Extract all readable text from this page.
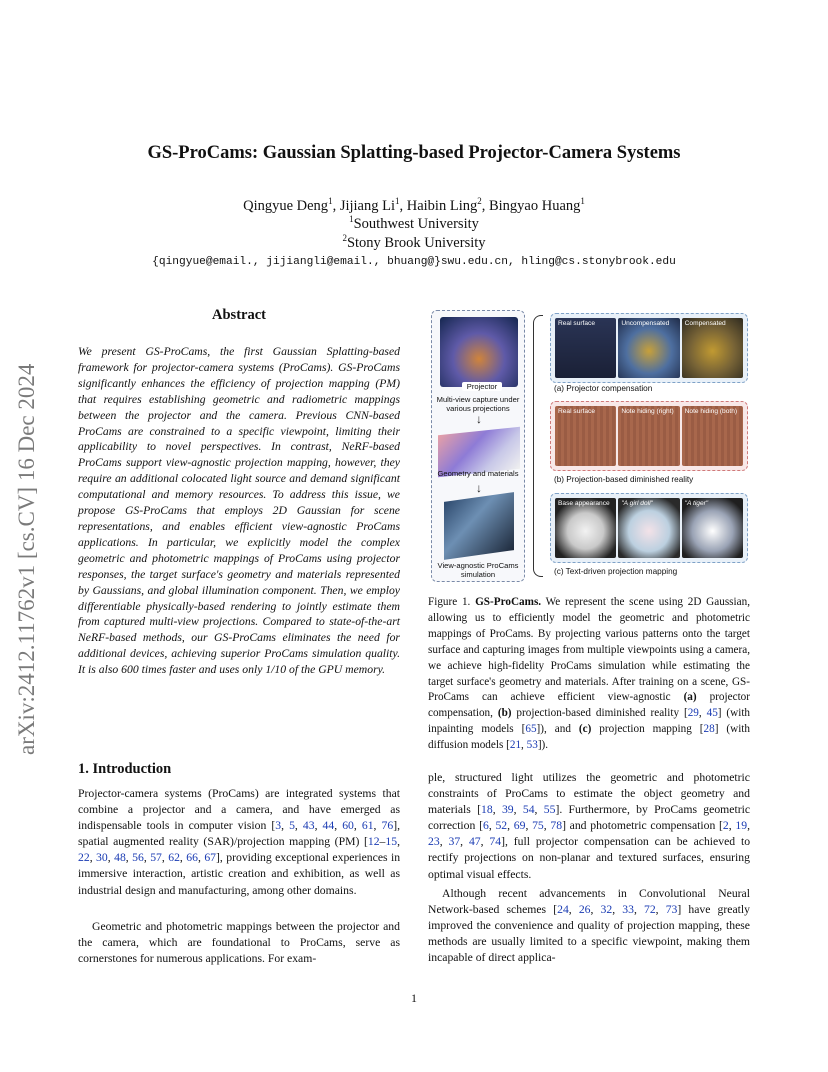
arXiv:2412.11762v1 [cs.CV] 16 Dec 2024
GS-ProCams: Gaussian Splatting-based Projector-Camera Systems
Qingyue Deng$^1$, Jijiang Li$^1$, Haibin Ling$^2$, Bingyao Huang$^1$
$^1$Southwest University
$^2$Stony Brook University
{qingyue@email., jijiangli@email., bhuang@}swu.edu.cn, hling@cs.stonybrook.edu
Abstract
We present GS-ProCams, the first Gaussian Splatting-based framework for projector-camera systems (ProCams). GS-ProCams significantly enhances the efficiency of projection mapping (PM) that requires establishing geometric and radiometric mappings between the projector and the camera. Previous CNN-based ProCams are constrained to a specific viewpoint, limiting their applicability to novel perspectives. In contrast, NeRF-based ProCams support view-agnostic projection mapping, however, they require an additional colocated light source and demand significant computational and memory resources. To address this issue, we propose GS-ProCams that employs 2D Gaussian for scene representations, and enables efficient view-agnostic ProCams applications. In particular, we explicitly model the complex geometric and photometric mappings of ProCams using projector responses, the target surface's geometry and materials represented by Gaussians, and global illumination component. Then, we employ differentiable physically-based rendering to jointly estimate them from captured multi-view projections. Compared to state-of-the-art NeRF-based methods, our GS-ProCams eliminates the need for additional devices, achieving superior ProCams simulation quality. It is also 600 times faster and uses only 1/10 of the GPU memory.
1. Introduction
Projector-camera systems (ProCams) are integrated systems that combine a projector and a camera, and have emerged as indispensable tools in computer vision [3, 5, 43, 44, 60, 61, 76], spatial augmented reality (SAR)/projection mapping (PM) [12–15, 22, 30, 48, 56, 57, 62, 66, 67], providing exceptional experiences in immersive interaction, artistic creation and exhibition, as well as industrial design and manufacturing, among other domains.
Geometric and photometric mappings between the projector and the camera, which are foundational to ProCams, serve as cornerstones for numerous applications. For exam-
ple, structured light utilizes the geometric and photometric constraints of ProCams to estimate the object geometry and materials [18, 39, 54, 55]. Furthermore, by ProCams geometric correction [6, 52, 69, 75, 78] and photometric compensation [2, 19, 23, 37, 47, 74], full projector compensation can be achieved to rectify projections on non-planar and textured surfaces, ensuring optimal visual effects.
Although recent advancements in Convolutional Neural Network-based schemes [24, 26, 32, 33, 72, 73] have greatly improved the convenience and quality of projection mapping, these methods are usually limited to a specific viewpoint, making them incapable of direct applica-
Projector
Multi-view capture under various projections
↓
Geometry and materials
↓
View-agnostic ProCams simulation
Real surface	Uncompensated Compensated
(a) Projector compensation
Real surface	Note hiding (right) Note hiding (both)
(b) Projection-based diminished reality
Base appearance "A girl doll"	"A tiger"
(c) Text-driven projection mapping
Figure 1. GS-ProCams. We represent the scene using 2D Gaussian, allowing us to efficiently model the geometric and photometric mappings of ProCams. By projecting various patterns onto the target surface and capturing images from multiple viewpoints using a camera, we achieve high-fidelity ProCams simulation while estimating the target surface's geometry and materials. After training on a scene, GS-ProCams can achieve efficient view-agnostic (a) projector compensation, (b) projection-based diminished reality [29, 45] (with inpainting models [65]), and (c) projection mapping [28] (with diffusion models [21, 53]).
1
